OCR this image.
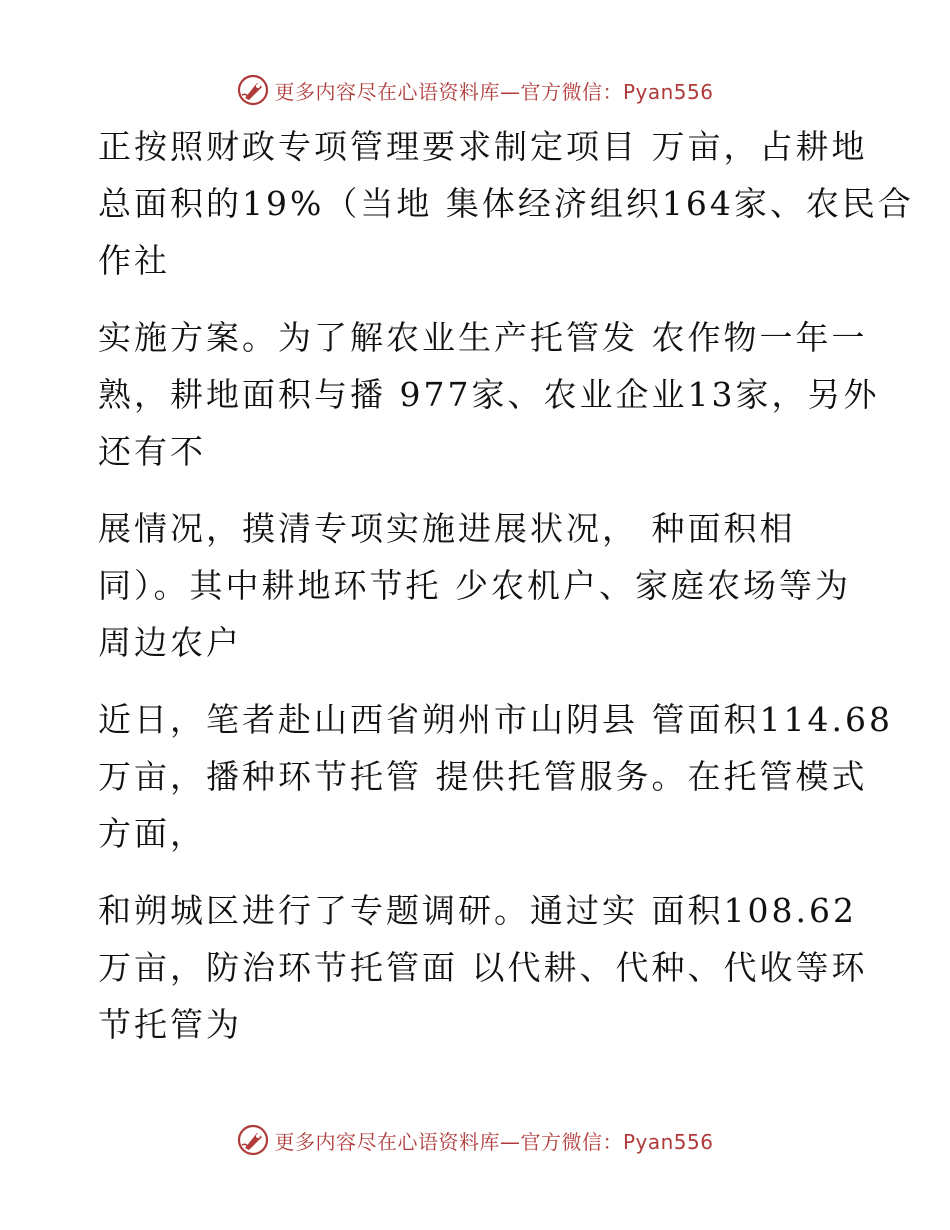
更多内容尽在心语资料库—官方微信：Pyan556
正按照财政专项管理要求制定项目 万亩，占耕地
总面积的19%（当地 集体经济组织164家、农民合
作社
实施方案。为了解农业生产托管发 农作物一年一
熟，耕地面积与播 977家、农业企业13家，另外
还有不
展情况，摸清专项实施进展状况， 种面积相
同）。其中耕地环节托 少农机户、家庭农场等为
周边农户
近日，笔者赴山西省朔州市山阴县 管面积114.68
万亩，播种环节托管 提供托管服务。在托管模式
方面，
和朔城区进行了专题调研。通过实 面积108.62
万亩，防治环节托管面 以代耕、代种、代收等环
节托管为
更多内容尽在心语资料库—官方微信：Pyan556
